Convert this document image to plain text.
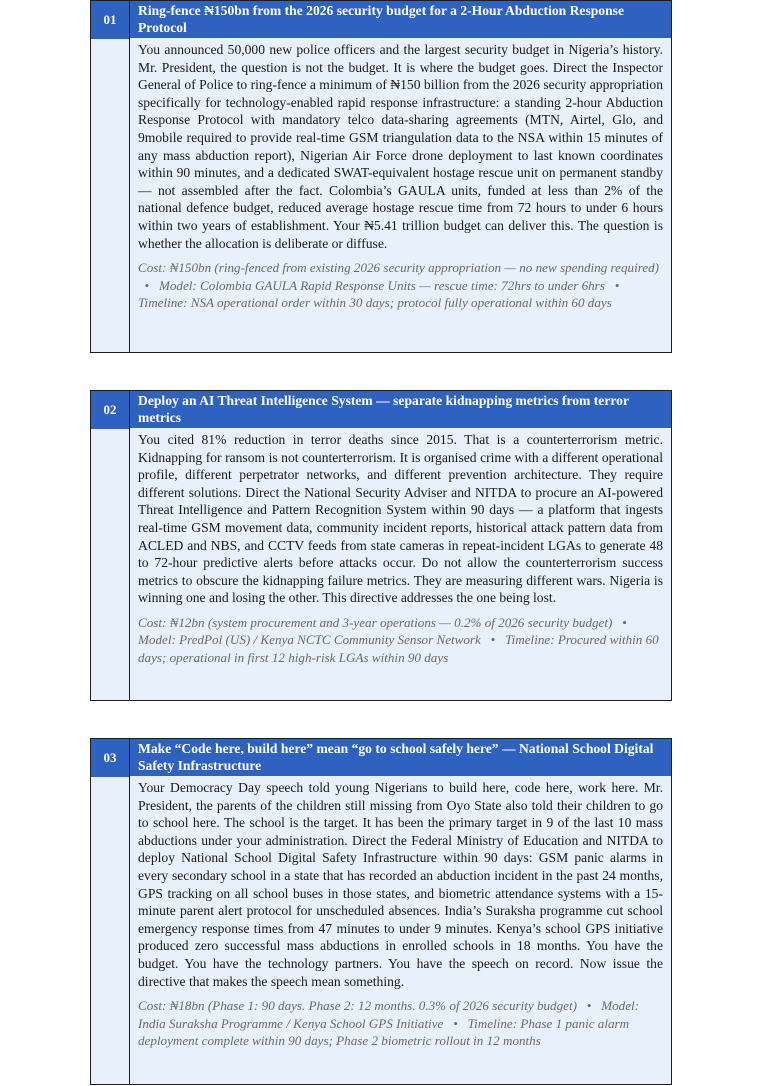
01
Ring-fence ₦150bn from the 2026 security budget for a 2-Hour Abduction Response Protocol
You announced 50,000 new police officers and the largest security budget in Nigeria’s history. Mr. President, the question is not the budget. It is where the budget goes. Direct the Inspector General of Police to ring-fence a minimum of ₦150 billion from the 2026 security appropriation specifically for technology-enabled rapid response infrastructure: a standing 2-hour Abduction Response Protocol with mandatory telco data-sharing agreements (MTN, Airtel, Glo, and 9mobile required to provide real-time GSM triangulation data to the NSA within 15 minutes of any mass abduction report), Nigerian Air Force drone deployment to last known coordinates within 90 minutes, and a dedicated SWAT-equivalent hostage rescue unit on permanent standby — not assembled after the fact. Colombia’s GAULA units, funded at less than 2% of the national defence budget, reduced average hostage rescue time from 72 hours to under 6 hours within two years of establishment. Your ₦5.41 trillion budget can deliver this. The question is whether the allocation is deliberate or diffuse.
Cost: ₦150bn (ring-fenced from existing 2026 security appropriation — no new spending required)   • Model: Colombia GAULA Rapid Response Units — rescue time: 72hrs to under 6hrs •   Timeline: NSA operational order within 30 days; protocol fully operational within 60 days
02
Deploy an AI Threat Intelligence System — separate kidnapping metrics from terror metrics
You cited 81% reduction in terror deaths since 2015. That is a counterterrorism metric. Kidnapping for ransom is not counterterrorism. It is organised crime with a different operational profile, different perpetrator networks, and different prevention architecture. They require different solutions. Direct the National Security Adviser and NITDA to procure an AI-powered Threat Intelligence and Pattern Recognition System within 90 days — a platform that ingests real-time GSM movement data, community incident reports, historical attack pattern data from ACLED and NBS, and CCTV feeds from state cameras in repeat-incident LGAs to generate 48 to 72-hour predictive alerts before attacks occur. Do not allow the counterterrorism success metrics to obscure the kidnapping failure metrics. They are measuring different wars. Nigeria is winning one and losing the other. This directive addresses the one being lost.
Cost: ₦12bn (system procurement and 3-year operations — 0.2% of 2026 security budget) •   Model: PredPol (US) / Kenya NCTC Community Sensor Network • Timeline: Procured within 60 days; operational in first 12 high-risk LGAs within 90 days
03
Make “Code here, build here” mean “go to school safely here” — National School Digital Safety Infrastructure
Your Democracy Day speech told young Nigerians to build here, code here, work here. Mr. President, the parents of the children still missing from Oyo State also told their children to go to school here. The school is the target. It has been the primary target in 9 of the last 10 mass abductions under your administration. Direct the Federal Ministry of Education and NITDA to deploy National School Digital Safety Infrastructure within 90 days: GSM panic alarms in every secondary school in a state that has recorded an abduction incident in the past 24 months, GPS tracking on all school buses in those states, and biometric attendance systems with a 15-minute parent alert protocol for unscheduled absences. India’s Suraksha programme cut school emergency response times from 47 minutes to under 9 minutes. Kenya’s school GPS initiative produced zero successful mass abductions in enrolled schools in 18 months. You have the budget. You have the technology partners. You have the speech on record. Now issue the directive that makes the speech mean something.
Cost: ₦18bn (Phase 1: 90 days. Phase 2: 12 months. 0.3% of 2026 security budget) • Model: India Suraksha Programme / Kenya School GPS Initiative • Timeline: Phase 1 panic alarm deployment complete within 90 days; Phase 2 biometric rollout in 12 months
